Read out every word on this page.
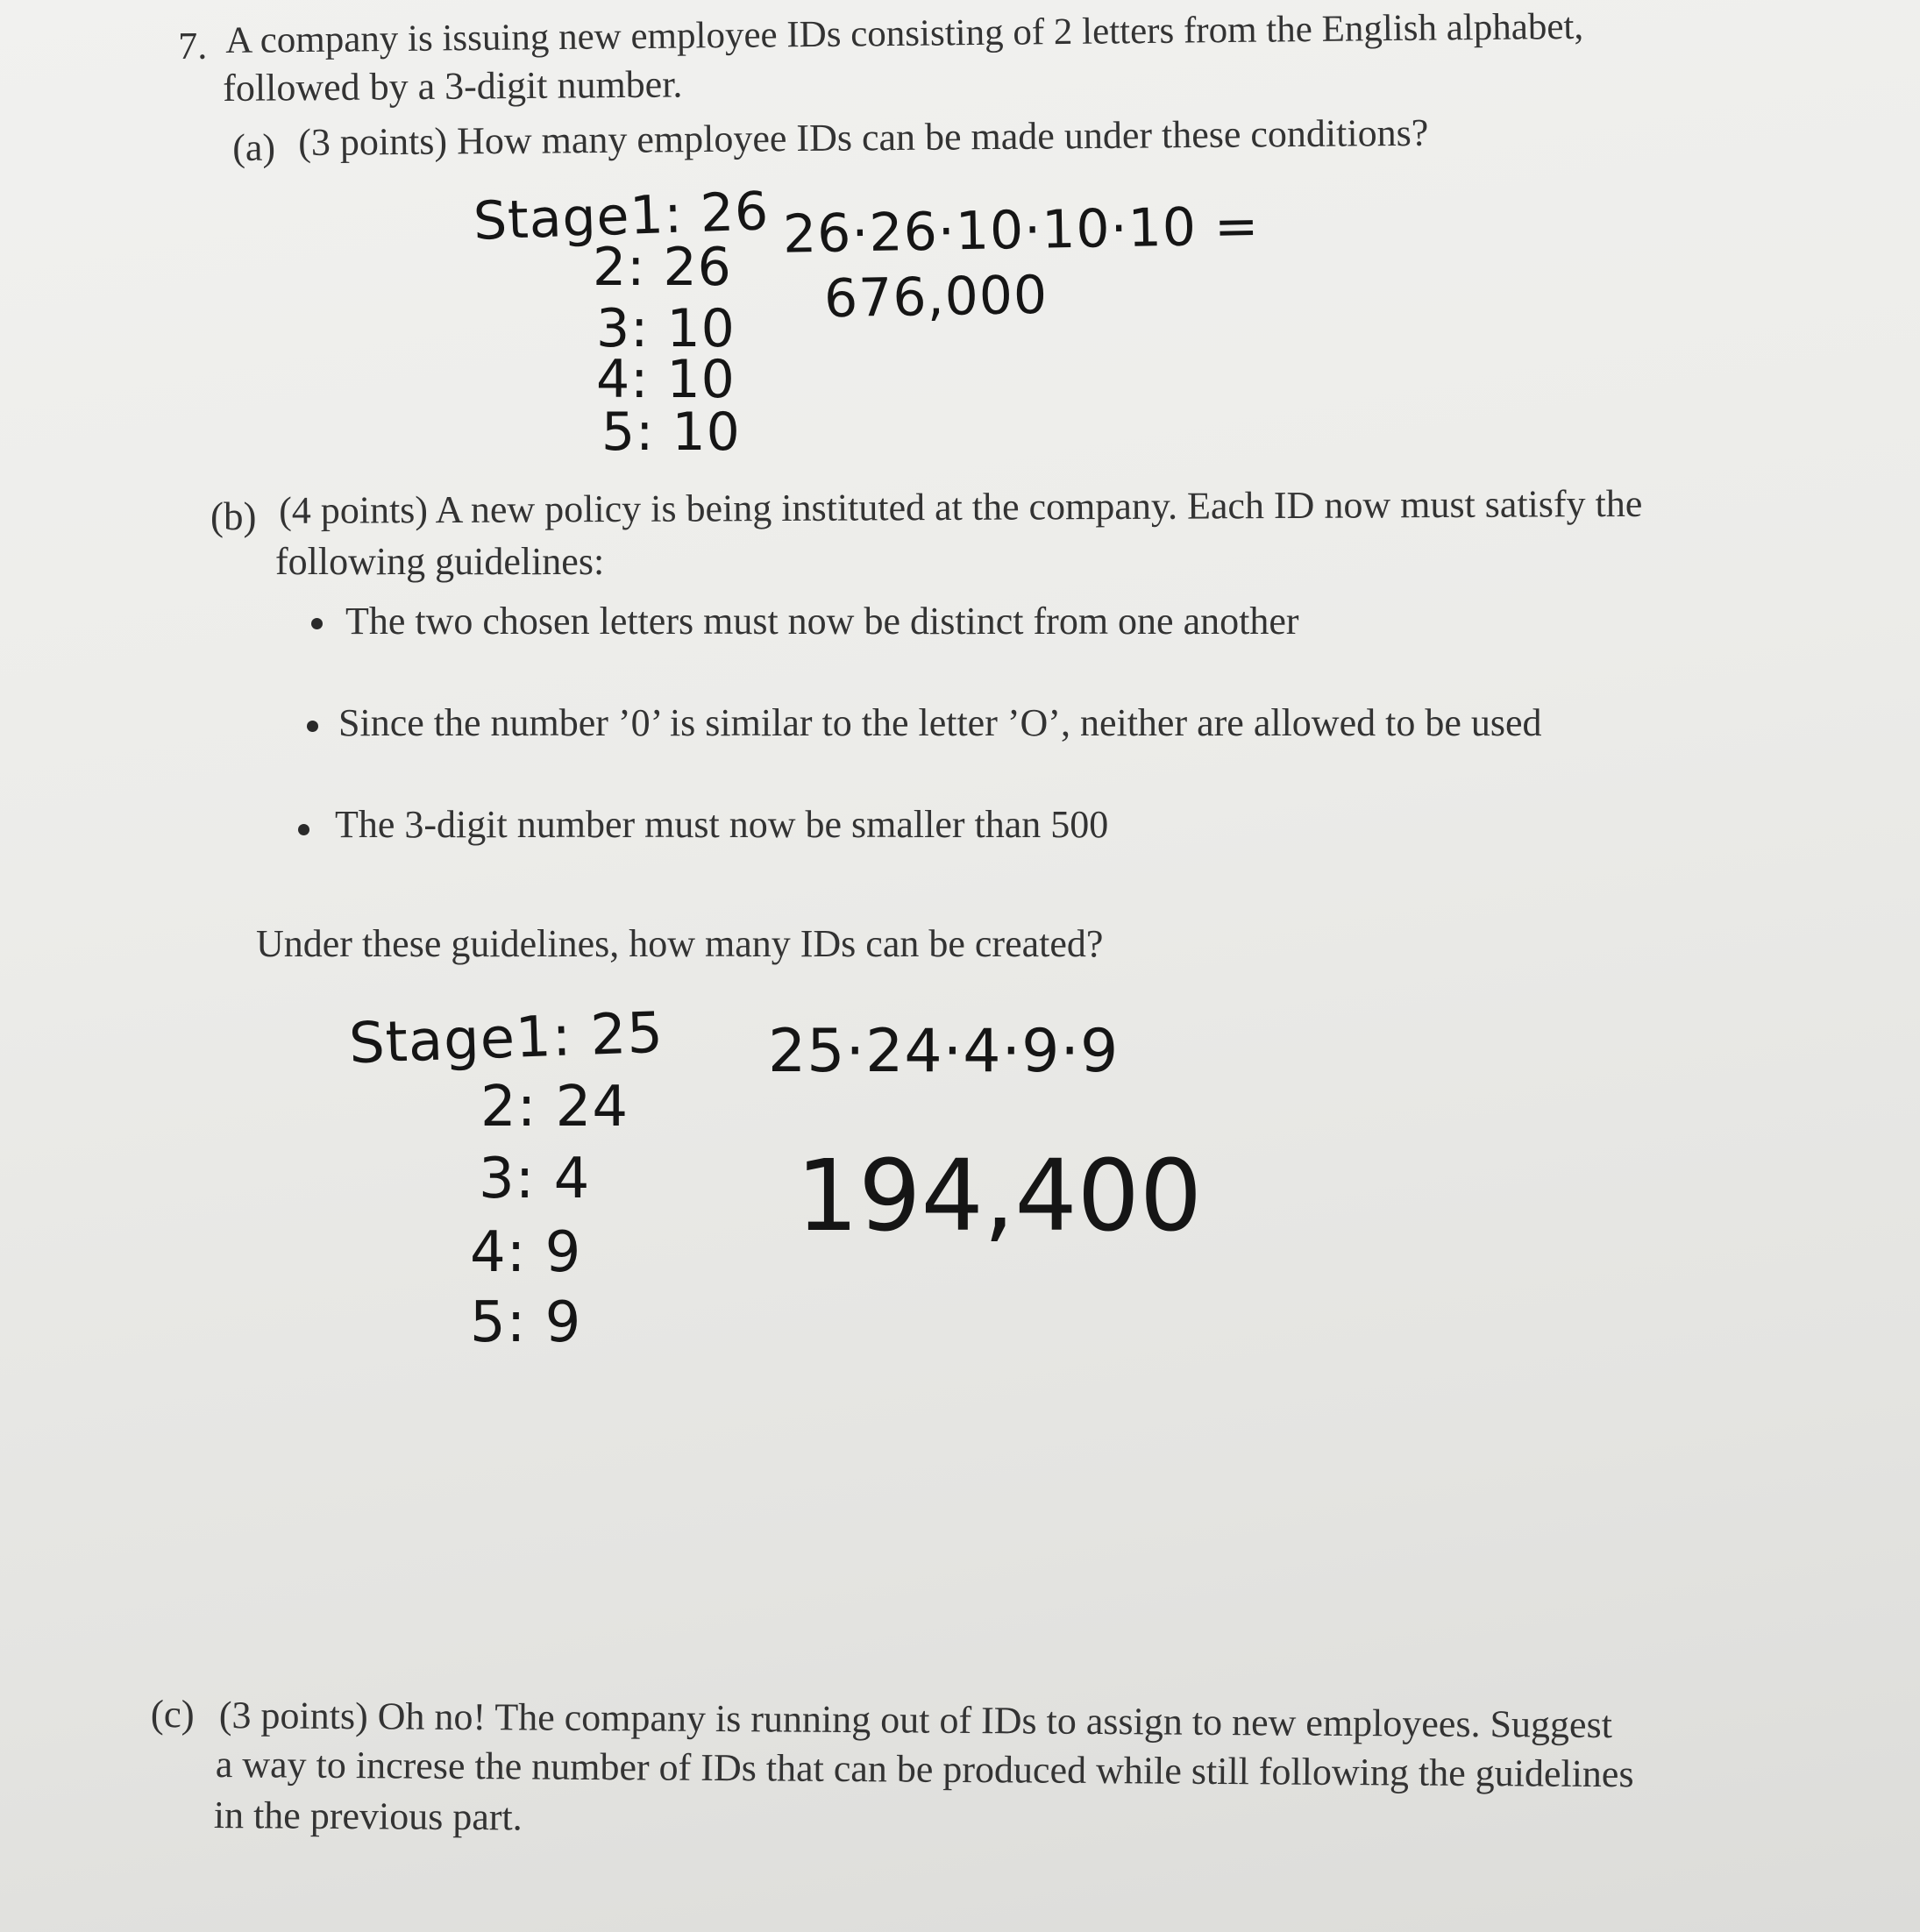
7. A company is issuing new employee IDs consisting of 2 letters from the English alphabet,
followed by a 3-digit number.
(a) (3 points) How many employee IDs can be made under these conditions?
Stage1: 26
2: 26
3: 10
4: 10
5: 10
26·26·10·10·10 =
676,000
(b) (4 points) A new policy is being instituted at the company. Each ID now must satisfy the
following guidelines:
The two chosen letters must now be distinct from one another
Since the number ’0’ is similar to the letter ’O’, neither are allowed to be used
The 3-digit number must now be smaller than 500
Under these guidelines, how many IDs can be created?
Stage1: 25
2: 24
3: 4
4: 9
5: 9
25·24·4·9·9
194,400
(c) (3 points) Oh no! The company is running out of IDs to assign to new employees. Suggest
a way to increse the number of IDs that can be produced while still following the guidelines
in the previous part.
